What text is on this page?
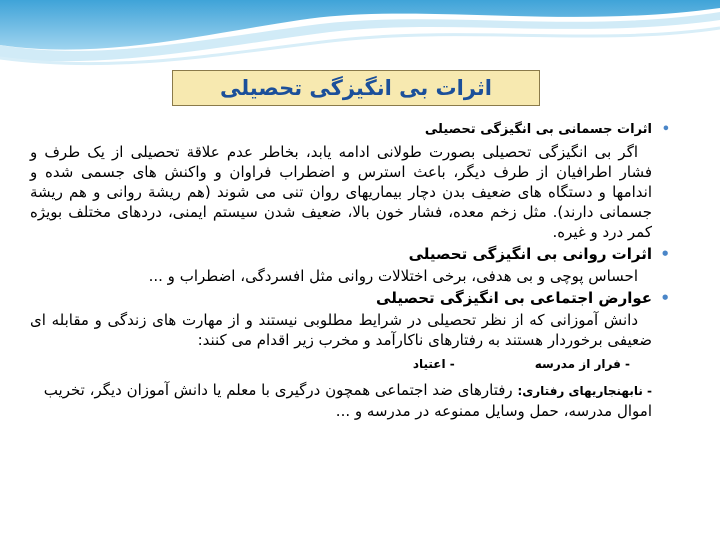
اثرات بی انگیزگی تحصیلی
• اثرات جسمانی بی انگیزگی تحصیلی
اگر بی انگیزگی تحصیلی بصورت طولانی ادامه یابد، بخاطر عدم علاقة تحصیلی از یک طرف و فشار اطرافیان از طرف دیگر، باعث استرس و اضطراب فراوان و واکنش های جسمی شده و اندامها و دستگاه های ضعیف بدن دچار بیماریهای روان تنی می شوند (هم ریشة روانی و هم ریشة جسمانی دارند). مثل زخم معده، فشار خون بالا، ضعیف شدن سیستم ایمنی، دردهای مختلف بویژه کمر درد و غیره.
• اثرات روانی بی انگیزگی تحصیلی
احساس پوچی و بی هدفی، برخی اختلالات روانی مثل افسردگی، اضطراب و ...
• عوارض اجتماعی بی انگیزگی تحصیلی
دانش آموزانی که از نظر تحصیلی در شرایط مطلوبی نیستند و از مهارت های زندگی و مقابله ای ضعیفی برخوردار هستند به رفتارهای ناکارآمد و مخرب زیر اقدام می کنند:
- فرار از مدرسه
- اعتیاد
- نابهنجاریهای رفتاری: رفتارهای ضد اجتماعی همچون درگیری با معلم یا دانش آموزان دیگر، تخریب اموال مدرسه، حمل وسایل ممنوعه در مدرسه و ...
